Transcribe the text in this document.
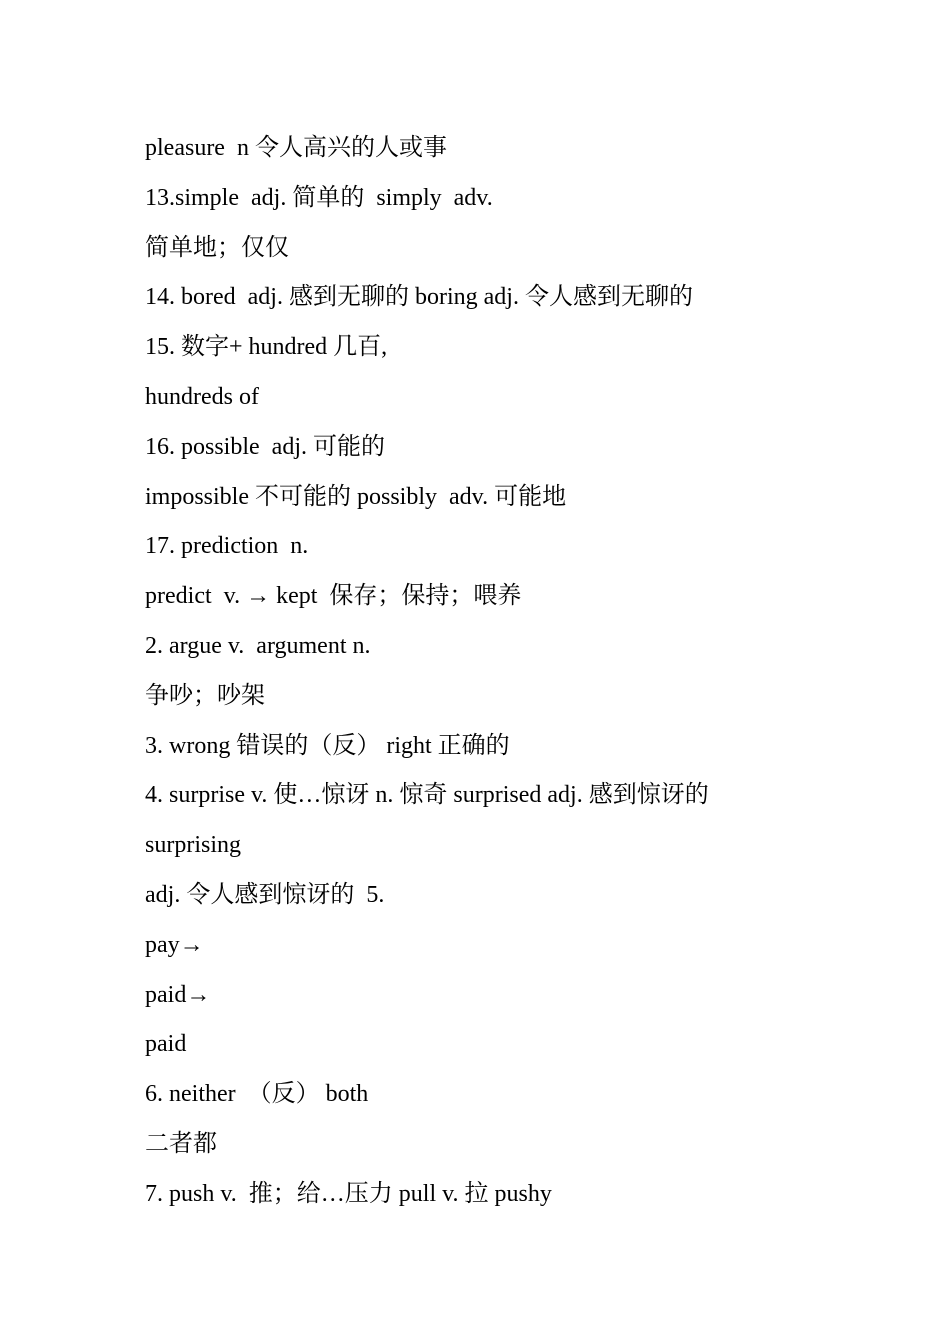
pleasure  n 令人高兴的人或事

13.simple  adj. 简单的  simply  adv.

简单地；仅仅

14. bored  adj. 感到无聊的 boring adj. 令人感到无聊的

15. 数字+ hundred 几百,

hundreds of

16. possible  adj. 可能的

impossible 不可能的 possibly  adv. 可能地

17. prediction  n.

predict  v. → kept  保存；保持；喂养

2. argue v.  argument n.

争吵；吵架

3. wrong 错误的（反） right 正确的

4. surprise v. 使…惊讶 n. 惊奇 surprised adj. 感到惊讶的

surprising

adj. 令人感到惊讶的  5.

pay→

paid→

paid

6. neither  （反） both

二者都

7. push v.  推；给…压力 pull v. 拉 pushy
